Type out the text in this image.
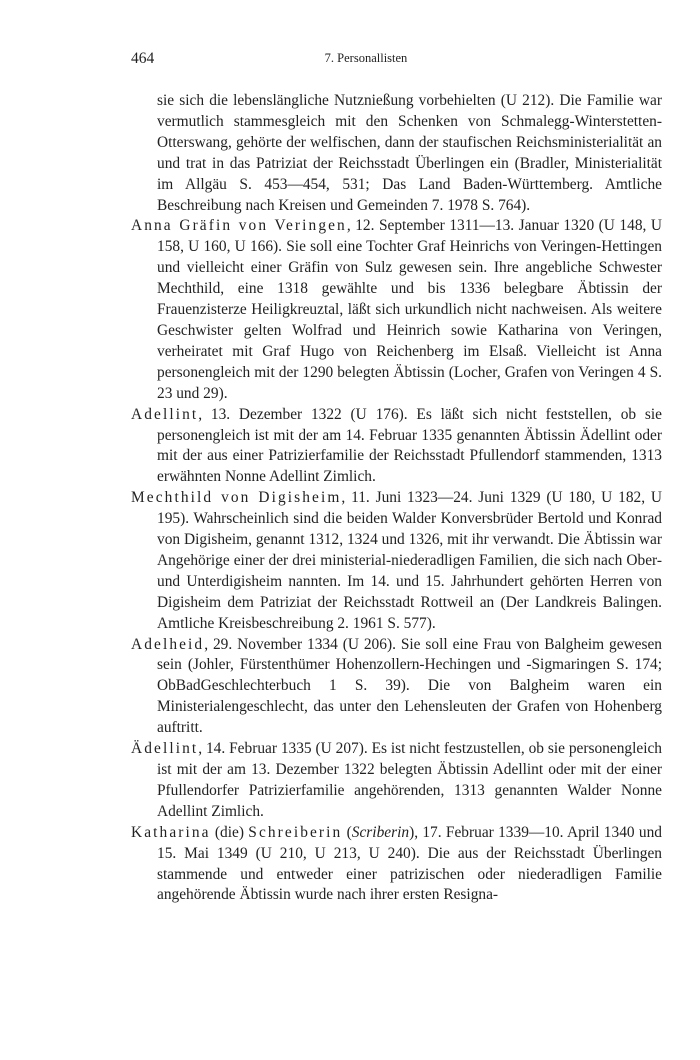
464	7. Personallisten

sie sich die lebenslängliche Nutznießung vorbehielten (U 212). Die Familie war vermutlich stammesgleich mit den Schenken von Schmalegg-Winterstetten-Otterswang, gehörte der welfischen, dann der staufischen Reichsministerialität an und trat in das Patriziat der Reichsstadt Überlingen ein (Bradler, Ministerialität im Allgäu S. 453—454, 531; Das Land Baden-Württemberg. Amtliche Beschreibung nach Kreisen und Gemeinden 7. 1978 S. 764).

Anna Gräfin von Veringen, 12. September 1311—13. Januar 1320 (U 148, U 158, U 160, U 166). Sie soll eine Tochter Graf Heinrichs von Veringen-Hettingen und vielleicht einer Gräfin von Sulz gewesen sein. Ihre angebliche Schwester Mechthild, eine 1318 gewählte und bis 1336 belegbare Äbtissin der Frauenzisterze Heiligkreuztal, läßt sich urkundlich nicht nachweisen. Als weitere Geschwister gelten Wolfrad und Heinrich sowie Katharina von Veringen, verheiratet mit Graf Hugo von Reichenberg im Elsaß. Vielleicht ist Anna personengleich mit der 1290 belegten Äbtissin (Locher, Grafen von Veringen 4 S. 23 und 29).

Adellint, 13. Dezember 1322 (U 176). Es läßt sich nicht feststellen, ob sie personengleich ist mit der am 14. Februar 1335 genannten Äbtissin Ädellint oder mit der aus einer Patrizierfamilie der Reichsstadt Pfullendorf stammenden, 1313 erwähnten Nonne Adellint Zimlich.

Mechthild von Digisheim, 11. Juni 1323—24. Juni 1329 (U 180, U 182, U 195). Wahrscheinlich sind die beiden Walder Konversbrüder Bertold und Konrad von Digisheim, genannt 1312, 1324 und 1326, mit ihr verwandt. Die Äbtissin war Angehörige einer der drei ministerial-niederadligen Familien, die sich nach Ober- und Unterdigisheim nannten. Im 14. und 15. Jahrhundert gehörten Herren von Digisheim dem Patriziat der Reichsstadt Rottweil an (Der Landkreis Balingen. Amtliche Kreisbeschreibung 2. 1961 S. 577).

Adelheid, 29. November 1334 (U 206). Sie soll eine Frau von Balgheim gewesen sein (Johler, Fürstenthümer Hohenzollern-Hechingen und -Sigmaringen S. 174; ObBadGeschlechterbuch 1 S. 39). Die von Balgheim waren ein Ministerialengeschlecht, das unter den Lehensleuten der Grafen von Hohenberg auftritt.

Ädellint, 14. Februar 1335 (U 207). Es ist nicht festzustellen, ob sie personengleich ist mit der am 13. Dezember 1322 belegten Äbtissin Adellint oder mit der einer Pfullendorfer Patrizierfamilie angehörenden, 1313 genannten Walder Nonne Adellint Zimlich.

Katharina (die) Schreiberin (Scriberin), 17. Februar 1339—10. April 1340 und 15. Mai 1349 (U 210, U 213, U 240). Die aus der Reichsstadt Überlingen stammende und entweder einer patrizischen oder niederadligen Familie angehörende Äbtissin wurde nach ihrer ersten Resigna-
